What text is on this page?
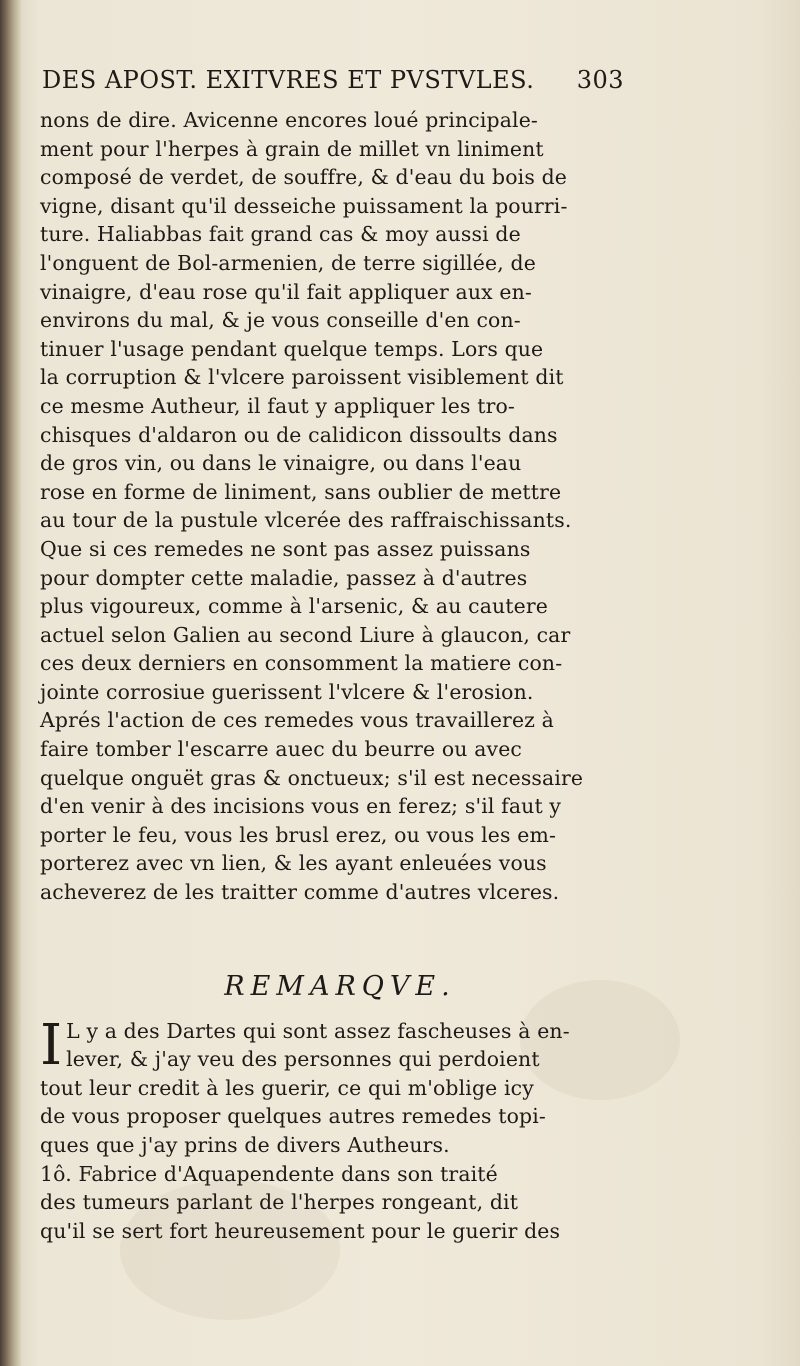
DES APOST. EXITVRES ET PVSTVLES. 303
nons de dire. Avicenne encores loué principale-
ment pour l'herpes à grain de millet vn liniment
composé de verdet, de souffre, & d'eau du bois de
vigne, disant qu'il desseiche puissament la pourri-
ture. Haliabbas fait grand cas & moy aussi de
l'onguent de Bol-armenien, de terre sigillée, de
vinaigre, d'eau rose qu'il fait appliquer aux en-
environs du mal, & je vous conseille d'en con-
tinuer l'usage pendant quelque temps. Lors que
la corruption & l'vlcere paroissent visiblement dit
ce mesme Autheur, il faut y appliquer les tro-
chisques d'aldaron ou de calidicon dissoults dans
de gros vin, ou dans le vinaigre, ou dans l'eau
rose en forme de liniment, sans oublier de mettre
au tour de la pustule vlcerée des raffraischissants.
Que si ces remedes ne sont pas assez puissans
pour dompter cette maladie, passez à d'autres
plus vigoureux, comme à l'arsenic, & au cautere
actuel selon Galien au second Liure à glaucon, car
ces deux derniers en consomment la matiere con-
jointe corrosiue guerissent l'vlcere & l'erosion.
Aprés l'action de ces remedes vous travaillerez à
faire tomber l'escarre auec du beurre ou avec
quelque onguët gras & onctueux; s'il est necessaire
d'en venir à des incisions vous en ferez; s'il faut y
porter le feu, vous les brusl erez, ou vous les em-
porterez avec vn lien, & les ayant enleuées vous
acheverez de les traitter comme d'autres vlceres.
REMARQVE.
I L y a des Dartes qui sont assez fascheuses à en-
lever, & j'ay veu des personnes qui perdoient
tout leur credit à les guerir, ce qui m'oblige icy
de vous proposer quelques autres remedes topi-
ques que j'ay prins de divers Autheurs.
1ô. Fabrice d'Aquapendente dans son traité
des tumeurs parlant de l'herpes rongeant, dit
qu'il se sert fort heureusement pour le guerir des
